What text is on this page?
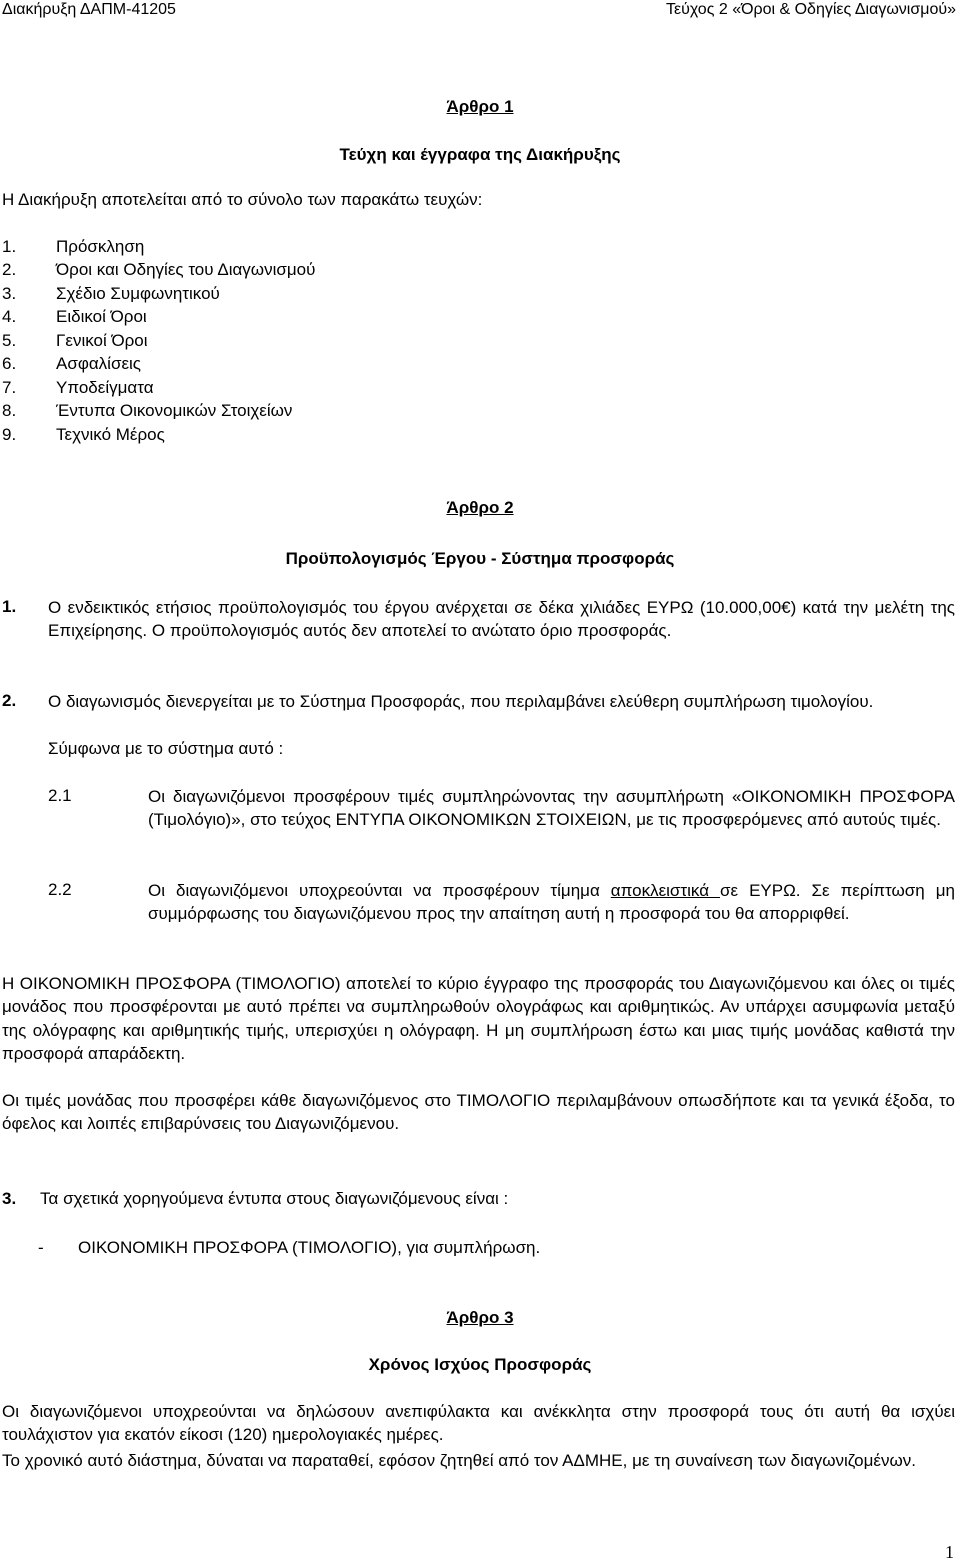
Διακήρυξη ΔΑΠΜ-41205	Τεύχος 2 «Όροι & Οδηγίες Διαγωνισμού»
Άρθρο 1
Τεύχη και έγγραφα της Διακήρυξης
Η Διακήρυξη αποτελείται από το σύνολο των παρακάτω τευχών:
1. Πρόσκληση
2. Όροι και Οδηγίες του Διαγωνισμού
3. Σχέδιο Συμφωνητικού
4. Ειδικοί Όροι
5. Γενικοί Όροι
6. Ασφαλίσεις
7. Υποδείγματα
8. Έντυπα Οικονομικών Στοιχείων
9. Τεχνικό Μέρος
Άρθρο 2
Προϋπολογισμός Έργου - Σύστημα προσφοράς
1. Ο ενδεικτικός ετήσιος προϋπολογισμός του έργου ανέρχεται σε δέκα χιλιάδες ΕΥΡΩ (10.000,00€) κατά την μελέτη της Επιχείρησης. Ο προϋπολογισμός αυτός δεν αποτελεί το ανώτατο όριο προσφοράς.
2. Ο διαγωνισμός διενεργείται με το Σύστημα Προσφοράς, που περιλαμβάνει ελεύθερη συμπλήρωση τιμολογίου.
Σύμφωνα με το σύστημα αυτό :
2.1	Οι διαγωνιζόμενοι προσφέρουν τιμές συμπληρώνοντας την ασυμπλήρωτη «ΟΙΚΟΝΟΜΙΚΗ ΠΡΟΣΦΟΡΑ (Τιμολόγιο)», στο τεύχος ΕΝΤΥΠΑ ΟΙΚΟΝΟΜΙΚΩΝ ΣΤΟΙΧΕΙΩΝ, με τις προσφερόμενες από αυτούς τιμές.
2.2	Οι διαγωνιζόμενοι υποχρεούνται να προσφέρουν τίμημα αποκλειστικά σε ΕΥΡΩ. Σε περίπτωση μη συμμόρφωσης του διαγωνιζόμενου προς την απαίτηση αυτή η προσφορά του θα απορριφθεί.
Η ΟΙΚΟΝΟΜΙΚΗ ΠΡΟΣΦΟΡΑ (ΤΙΜΟΛΟΓΙΟ) αποτελεί το κύριο έγγραφο της προσφοράς του Διαγωνιζόμενου και όλες οι τιμές μονάδος που προσφέρονται με αυτό πρέπει να συμπληρωθούν ολογράφως και αριθμητικώς. Αν υπάρχει ασυμφωνία μεταξύ της ολόγραφης και αριθμητικής τιμής, υπερισχύει η ολόγραφη. Η μη συμπλήρωση έστω και μιας τιμής μονάδας καθιστά την προσφορά απαράδεκτη.
Οι τιμές μονάδας που προσφέρει κάθε διαγωνιζόμενος στο ΤΙΜΟΛΟΓΙΟ περιλαμβάνουν οπωσδήποτε και τα γενικά έξοδα, το όφελος και λοιπές επιβαρύνσεις του Διαγωνιζόμενου.
3. Τα σχετικά χορηγούμενα έντυπα στους διαγωνιζόμενους είναι :
- ΟΙΚΟΝΟΜΙΚΗ ΠΡΟΣΦΟΡΑ (ΤΙΜΟΛΟΓΙΟ), για συμπλήρωση.
Άρθρο 3
Χρόνος Ισχύος Προσφοράς
Οι διαγωνιζόμενοι υποχρεούνται να δηλώσουν ανεπιφύλακτα και ανέκκλητα στην προσφορά τους ότι αυτή θα ισχύει τουλάχιστον για εκατόν είκοσι (120) ημερολογιακές ημέρες.
Το χρονικό αυτό διάστημα, δύναται να παραταθεί, εφόσον ζητηθεί από τον ΑΔΜΗΕ, με τη συναίνεση των διαγωνιζομένων.
1
